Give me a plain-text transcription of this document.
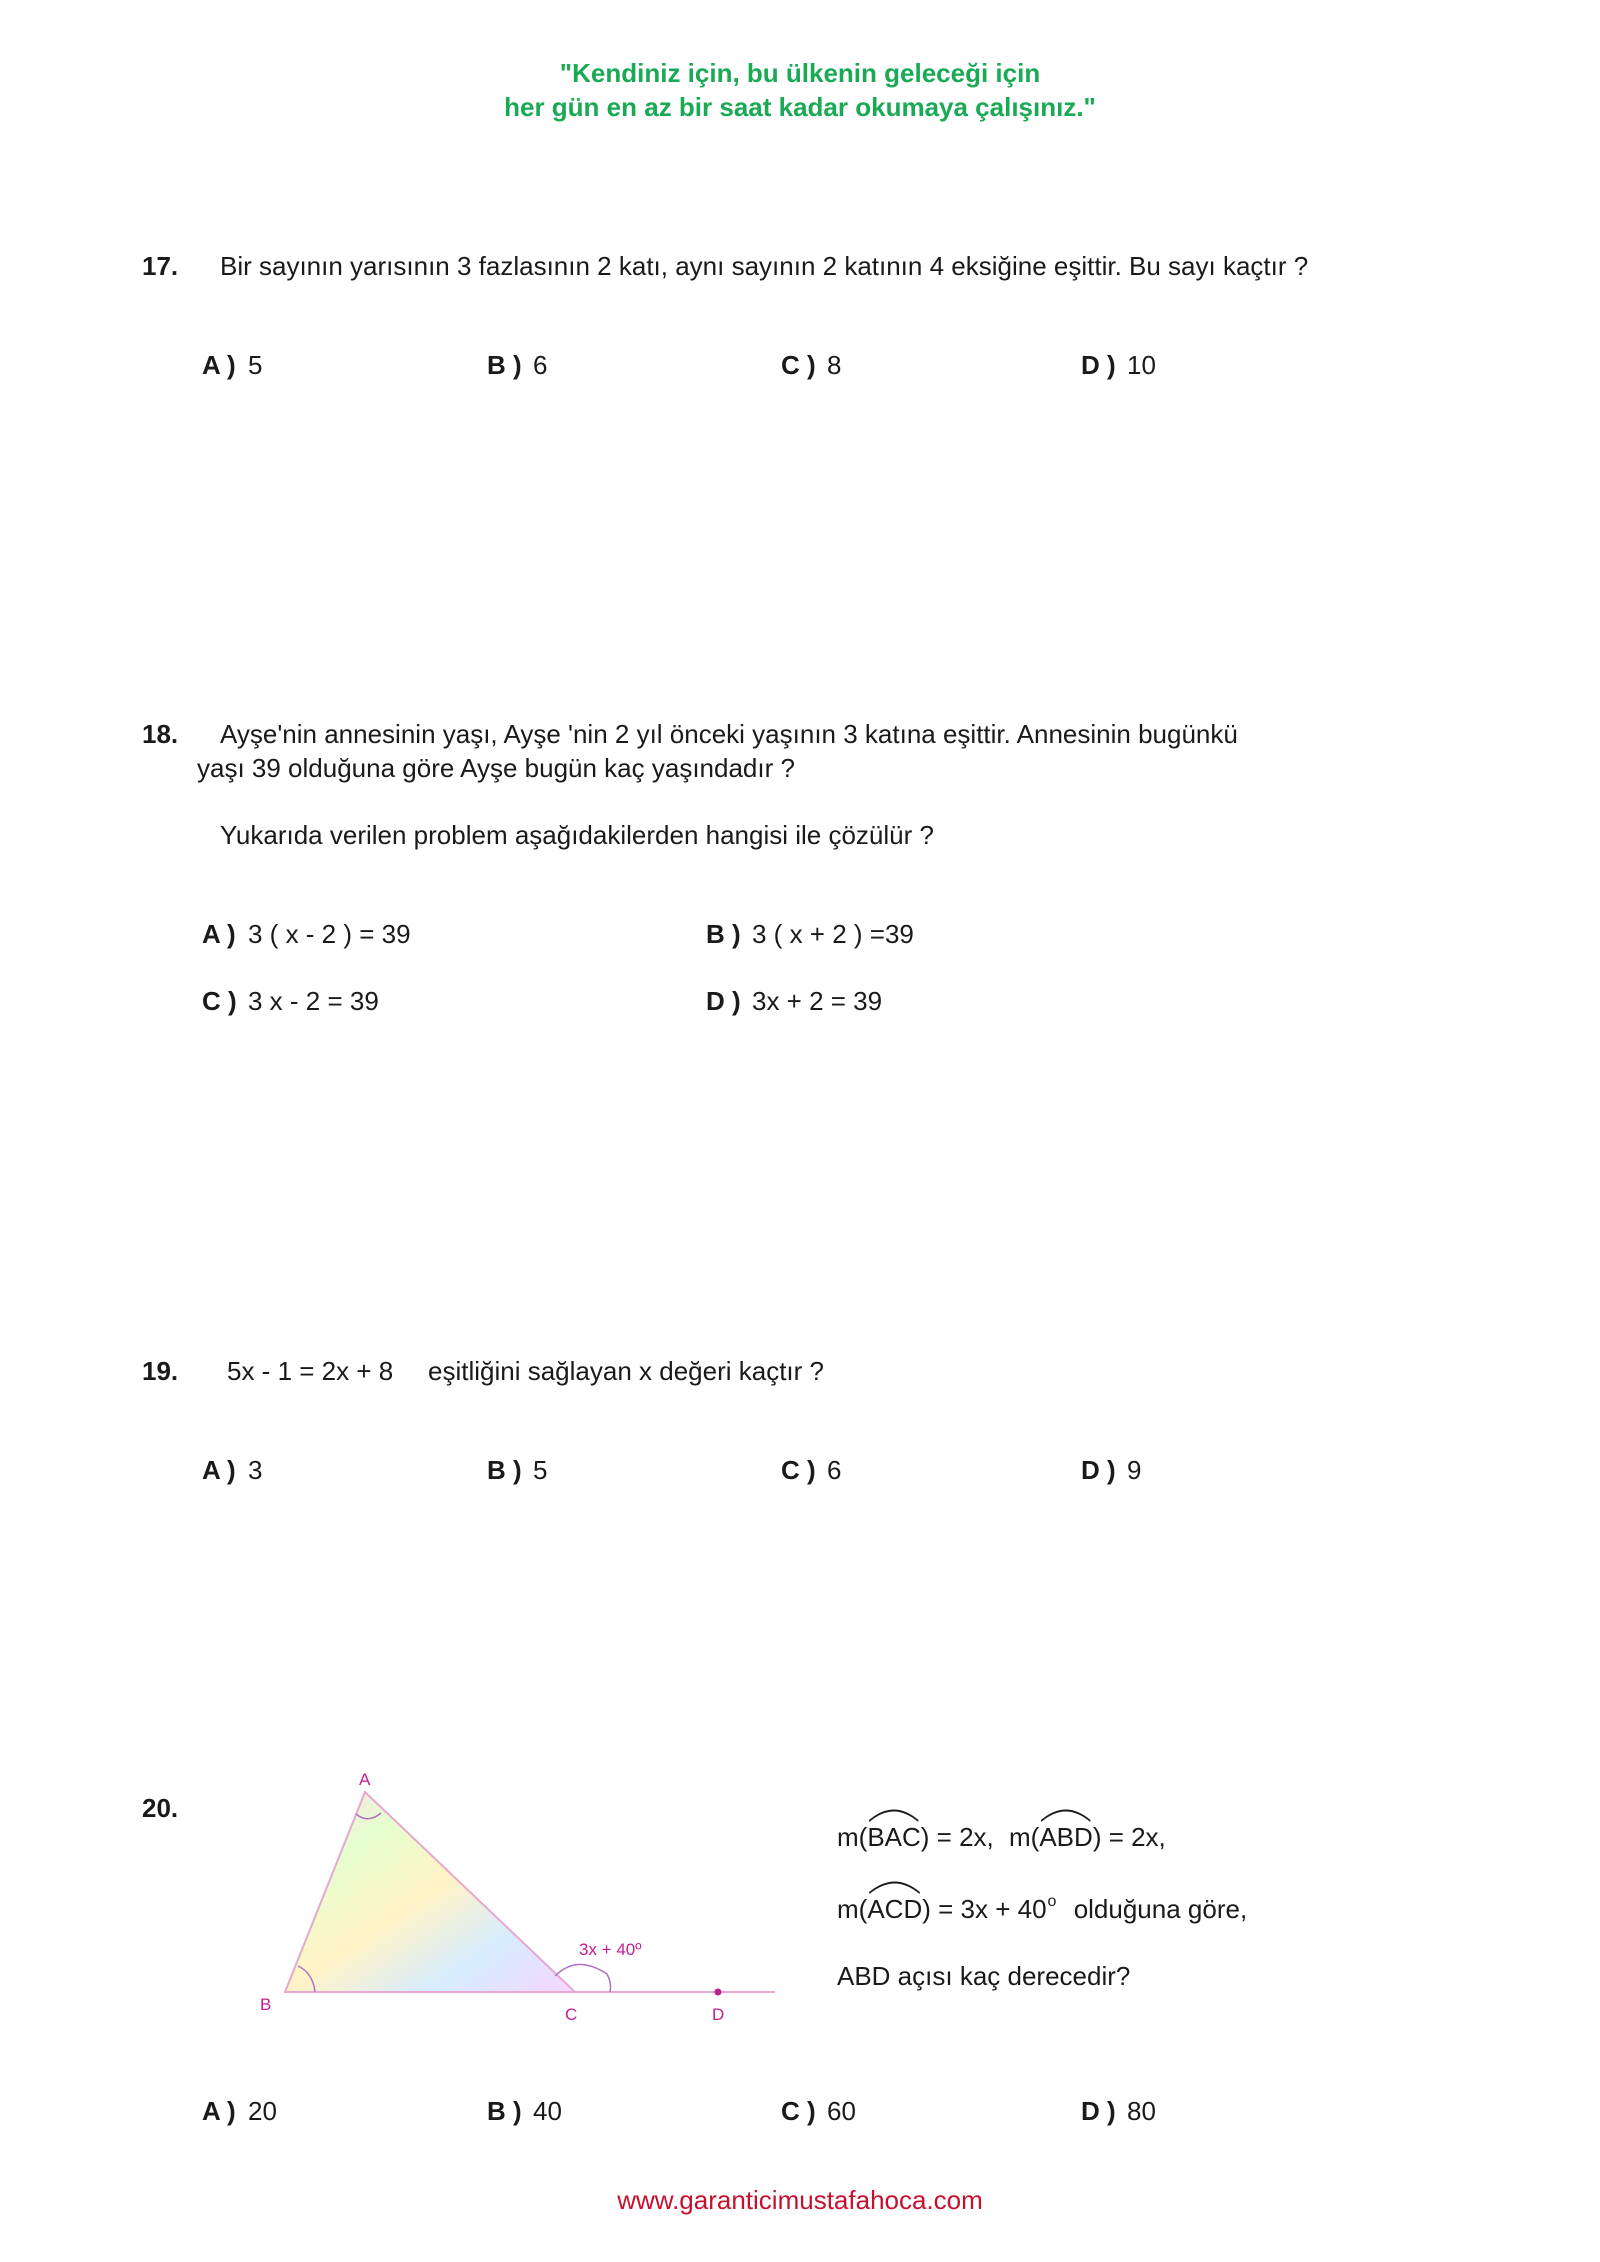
"Kendiniz için, bu ülkenin geleceği için
her gün en az bir saat kadar okumaya çalışınız."
17. Bir sayının yarısının 3 fazlasının 2 katı, aynı sayının 2 katının 4 eksiğine eşittir. Bu sayı kaçtır ?
A ) 5	B ) 6	C ) 8	D ) 10
18. Ayşe'nin annesinin yaşı, Ayşe 'nin 2 yıl önceki yaşının 3 katına eşittir. Annesinin bugünkü
yaşı 39 olduğuna göre Ayşe bugün kaç yaşındadır ?
Yukarıda verilen problem aşağıdakilerden hangisi ile çözülür ?
A ) 3 ( x - 2 ) = 39	B ) 3 ( x + 2 ) =39
C ) 3 x - 2 = 39	D ) 3x + 2 = 39
19. 5x - 1 = 2x + 8 eşitliğini sağlayan x değeri kaçtır ?
A ) 3	B ) 5	C ) 6	D ) 9
20.
A
B
C	D
3x + 40º
m(
BAC) = 2x, m(
ABD) = 2x,
m(
$ACD) = 3x + 40^o$ olduğuna göre,
ABD açısı kaç derecedir?
A ) 20	B ) 40	C ) 60	D ) 80
www.garanticimustafahoca.com
